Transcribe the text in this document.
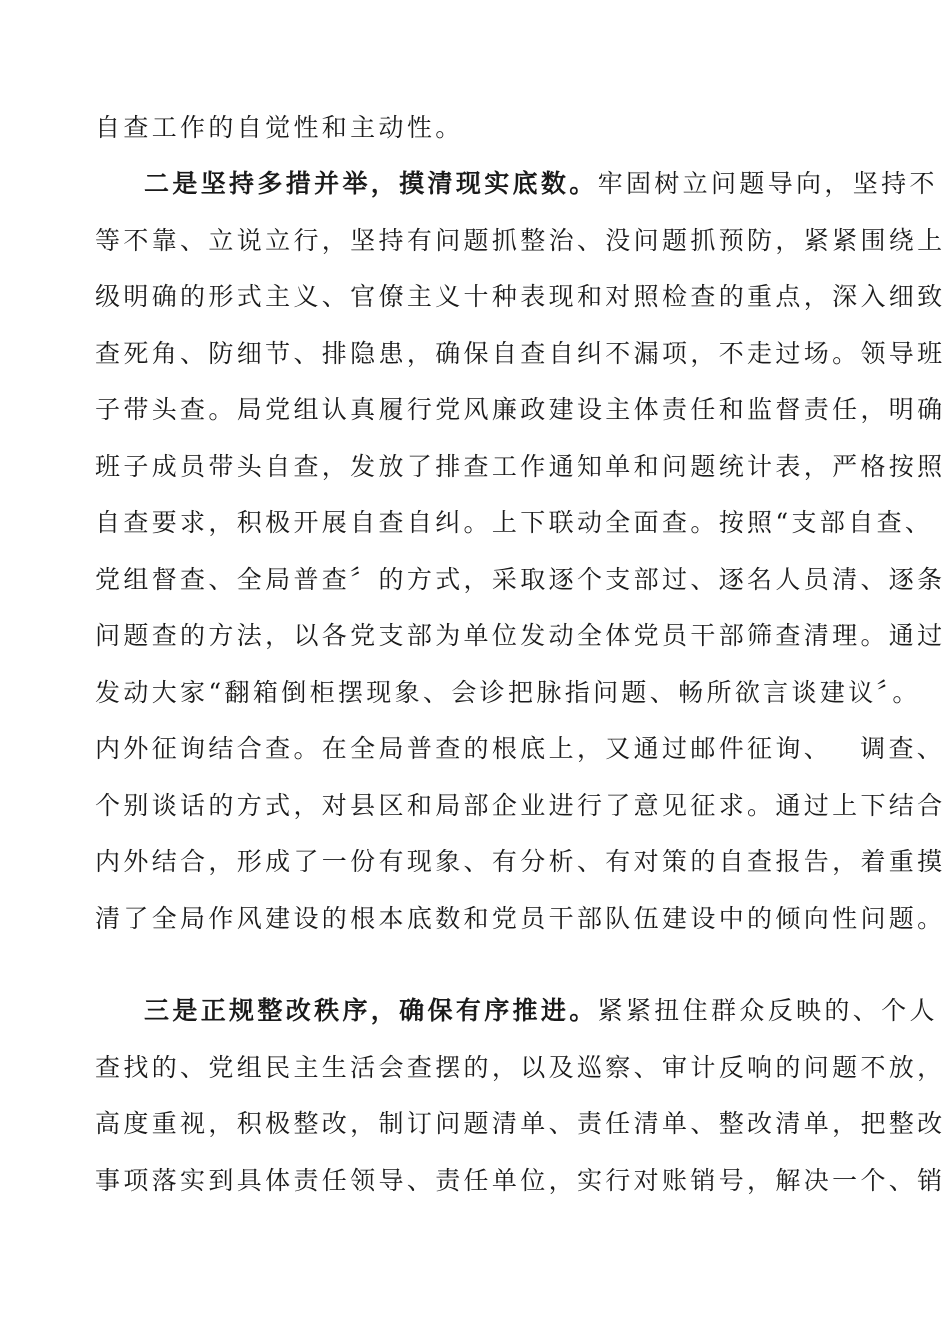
自查工作的自觉性和主动性。
二是坚持多措并举，摸清现实底数。牢固树立问题导向，坚持不
等不靠、立说立行，坚持有问题抓整治、没问题抓预防，紧紧围绕上
级明确的形式主义、官僚主义十种表现和对照检查的重点，深入细致
查死角、防细节、排隐患，确保自查自纠不漏项，不走过场。领导班
子带头查。局党组认真履行党风廉政建设主体责任和监督责任，明确
班子成员带头自查，发放了排查工作通知单和问题统计表，严格按照
自查要求，积极开展自查自纠。上下联动全面查。按照“支部自查、
党组督查、全局普查〞的方式，采取逐个支部过、逐名人员清、逐条
问题查的方法，以各党支部为单位发动全体党员干部筛查清理。通过
发动大家“翻箱倒柜摆现象、会诊把脉指问题、畅所欲言谈建议〞。
内外征询结合查。在全局普查的根底上，又通过邮件征询、 调查、
个别谈话的方式，对县区和局部企业进行了意见征求。通过上下结合
内外结合，形成了一份有现象、有分析、有对策的自查报告，着重摸
清了全局作风建设的根本底数和党员干部队伍建设中的倾向性问题。
三是正规整改秩序，确保有序推进。紧紧扭住群众反映的、个人
查找的、党组民主生活会查摆的，以及巡察、审计反响的问题不放，
高度重视，积极整改，制订问题清单、责任清单、整改清单，把整改
事项落实到具体责任领导、责任单位，实行对账销号，解决一个、销
